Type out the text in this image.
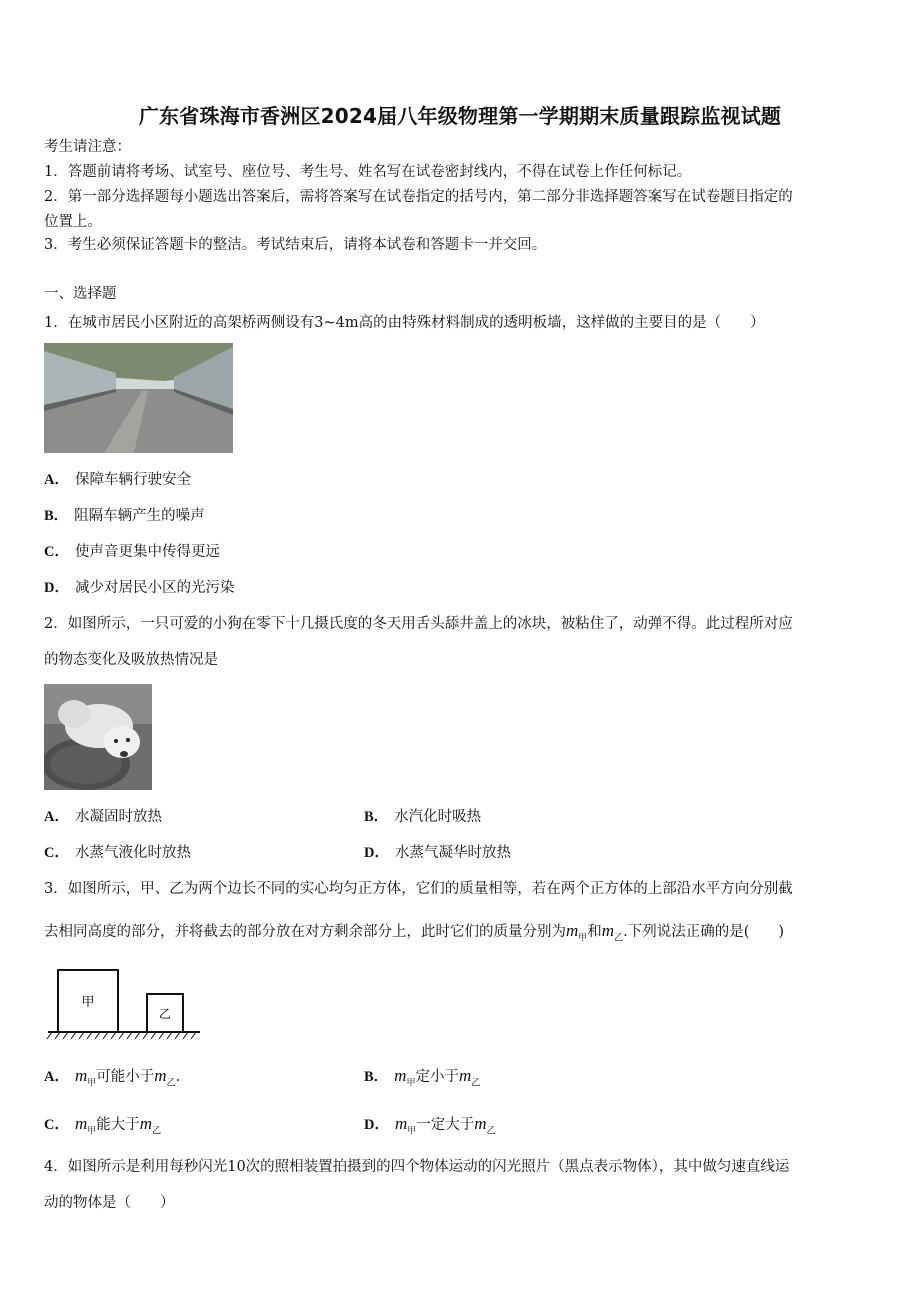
广东省珠海市香洲区2024届八年级物理第一学期期末质量跟踪监视试题
考生请注意：
1．答题前请将考场、试室号、座位号、考生号、姓名写在试卷密封线内，不得在试卷上作任何标记。
2．第一部分选择题每小题选出答案后，需将答案写在试卷指定的括号内，第二部分非选择题答案写在试卷题目指定的
位置上。
3．考生必须保证答题卡的整洁。考试结束后，请将本试卷和答题卡一并交回。
一、选择题
1．在城市居民小区附近的高架桥两侧设有3~4m高的由特殊材料制成的透明板墙，这样做的主要目的是（　　）
A． 保障车辆行驶安全
B． 阻隔车辆产生的噪声
C． 使声音更集中传得更远
D． 减少对居民小区的光污染
2．如图所示，一只可爱的小狗在零下十几摄氏度的冬天用舌头舔井盖上的冰块，被粘住了，动弹不得。此过程所对应
的物态变化及吸放热情况是
A． 水凝固时放热	B． 水汽化时吸热
C． 水蒸气液化时放热	D． 水蒸气凝华时放热
3．如图所示，甲、乙为两个边长不同的实心均匀正方体，它们的质量相等，若在两个正方体的上部沿水平方向分别截
去相同高度的部分，并将截去的部分放在对方剩余部分上，此时它们的质量分别为$m_甲$和$m_乙$.下列说法正确的是(　　)
甲
乙
A． $m_甲$可能小于$m_乙$.	B． $m_甲$定小于$m_乙$
C． $m_甲$能大于$m_乙$	D． $m_甲$一定大于$m_乙$
4．如图所示是利用每秒闪光10次的照相装置拍摄到的四个物体运动的闪光照片（黑点表示物体），其中做匀速直线运
动的物体是（　　）
